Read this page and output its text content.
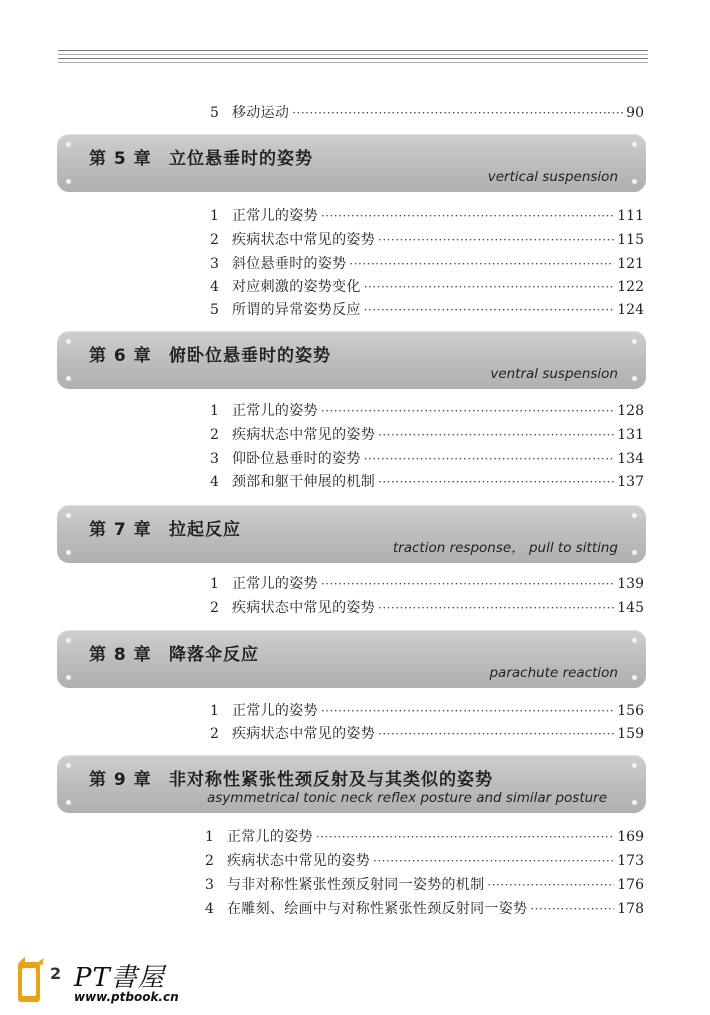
5 移动运动 ·····	90
第 5 章 立位悬垂时的姿势
vertical suspension
1 正常儿的姿势 ·····	111
2 疾病状态中常见的姿势 ·····	115
3 斜位悬垂时的姿势 ·····	121
4 对应刺激的姿势变化 ·····	122
5 所谓的异常姿势反应 ·····	124
第 6 章 俯卧位悬垂时的姿势
ventral suspension
1 正常儿的姿势 ·····	128
2 疾病状态中常见的姿势 ·····	131
3 仰卧位悬垂时的姿势 ·····	134
4 颈部和躯干伸展的机制 ·····	137
第 7 章 拉起反应
traction response， pull to sitting
1 正常儿的姿势 ·····	139
2 疾病状态中常见的姿势 ·····	145
第 8 章 降落伞反应
parachute reaction
1 正常儿的姿势 ·····	156
2 疾病状态中常见的姿势 ·····	159
第 9 章 非对称性紧张性颈反射及与其类似的姿势
asymmetrical tonic neck reflex posture and similar posture
1 正常儿的姿势 ·····	169
2 疾病状态中常见的姿势 ·····	173
3 与非对称性紧张性颈反射同一姿势的机制 ·····	176
4 在雕刻、绘画中与对称性紧张性颈反射同一姿势 ·····	178
2 PT書屋
www.ptbook.cn
